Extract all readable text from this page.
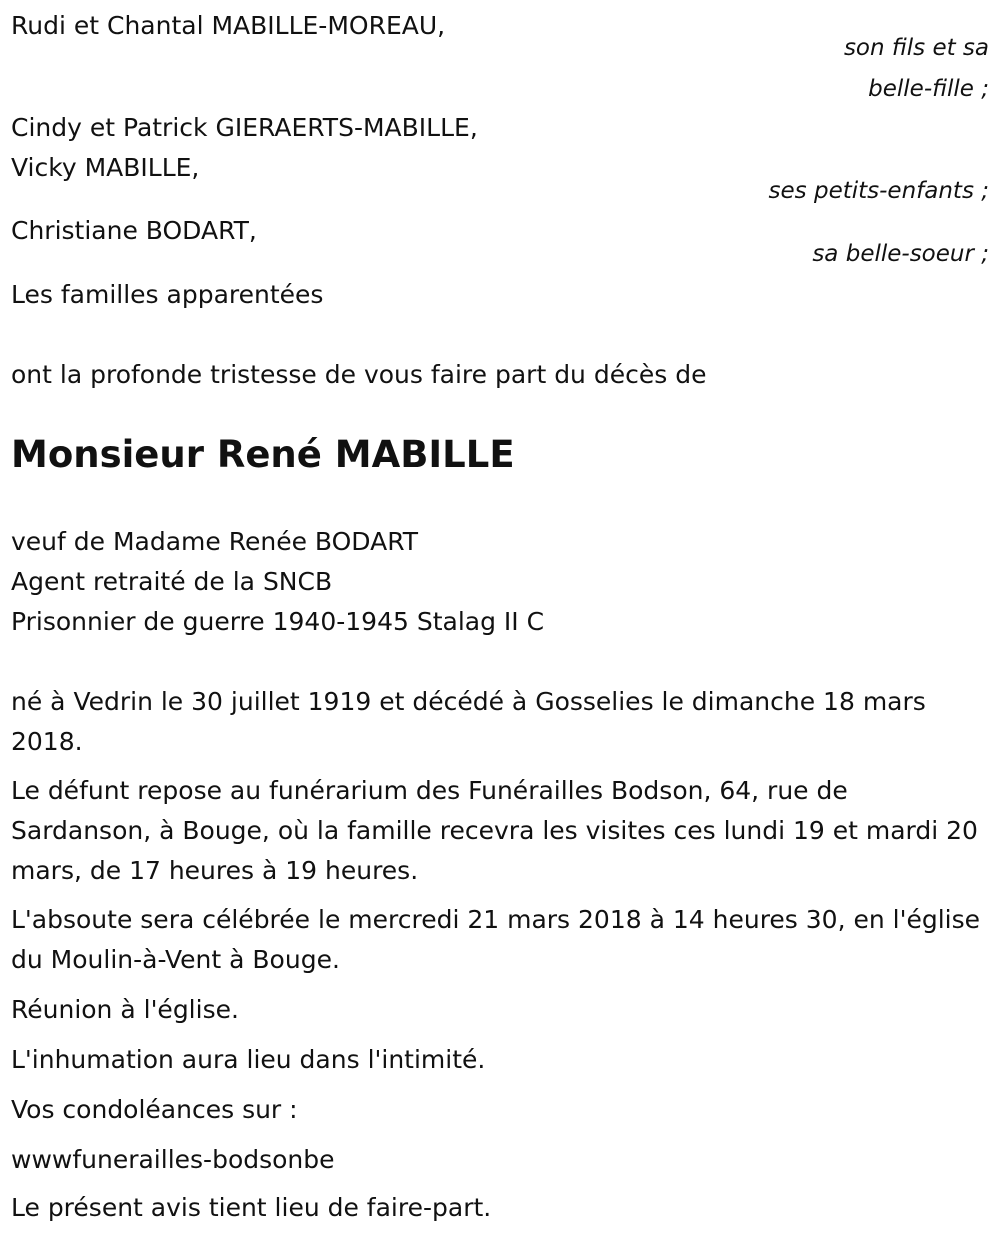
Rudi et Chantal MABILLE-MOREAU,
son fils et sa
belle-fille ;
Cindy et Patrick GIERAERTS-MABILLE,
Vicky MABILLE,
ses petits-enfants ;
Christiane BODART,
sa belle-soeur ;
Les familles apparentées
ont la profonde tristesse de vous faire part du décès de
Monsieur René MABILLE
veuf de Madame Renée BODART
Agent retraité de la SNCB
Prisonnier de guerre 1940-1945 Stalag II C
né à Vedrin le 30 juillet 1919 et décédé à Gosselies le dimanche 18 mars 2018.
Le défunt repose au funérarium des Funérailles Bodson, 64, rue de Sardanson, à Bouge, où la famille recevra les visites ces lundi 19 et mardi 20 mars, de 17 heures à 19 heures.
L'absoute sera célébrée le mercredi 21 mars 2018 à 14 heures 30, en l'église du Moulin-à-Vent à Bouge.
Réunion à l'église.
L'inhumation aura lieu dans l'intimité.
Vos condoléances sur :
wwwfunerailles-bodsonbe
Le présent avis tient lieu de faire-part.
